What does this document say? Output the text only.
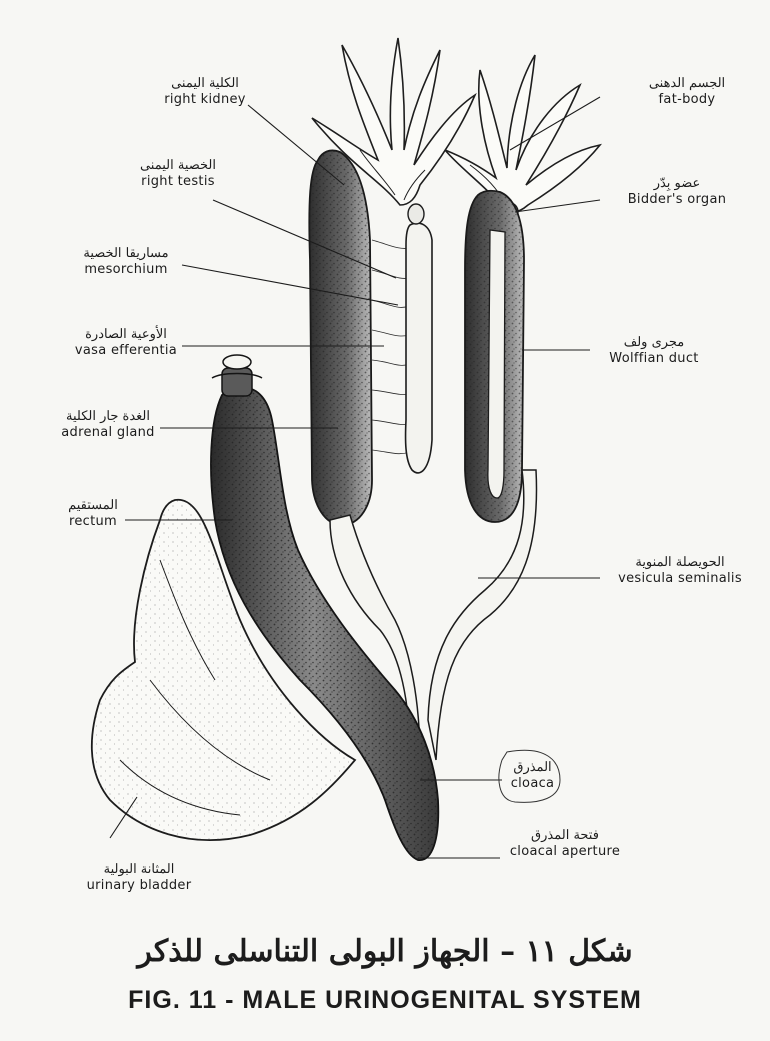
الكلية اليمنى
right kidney
الخصية اليمنى
right testis
مساريقا الخصية
mesorchium
الأوعية الصادرة
vasa efferentia
الغدة جار الكلية
adrenal gland
المستقيم
rectum
الجسم الدهنى
fat-body
عضو بِدّر
Bidder's organ
مجرى ولف
Wolffian duct
الحويصلة المنوية
vesicula seminalis
المذرق
cloaca
فتحة المذرق
cloacal aperture
المثانة البولية
urinary bladder
شكل ١١ – الجهاز البولى التناسلى للذكر
FIG. 11 - MALE URINOGENITAL SYSTEM
